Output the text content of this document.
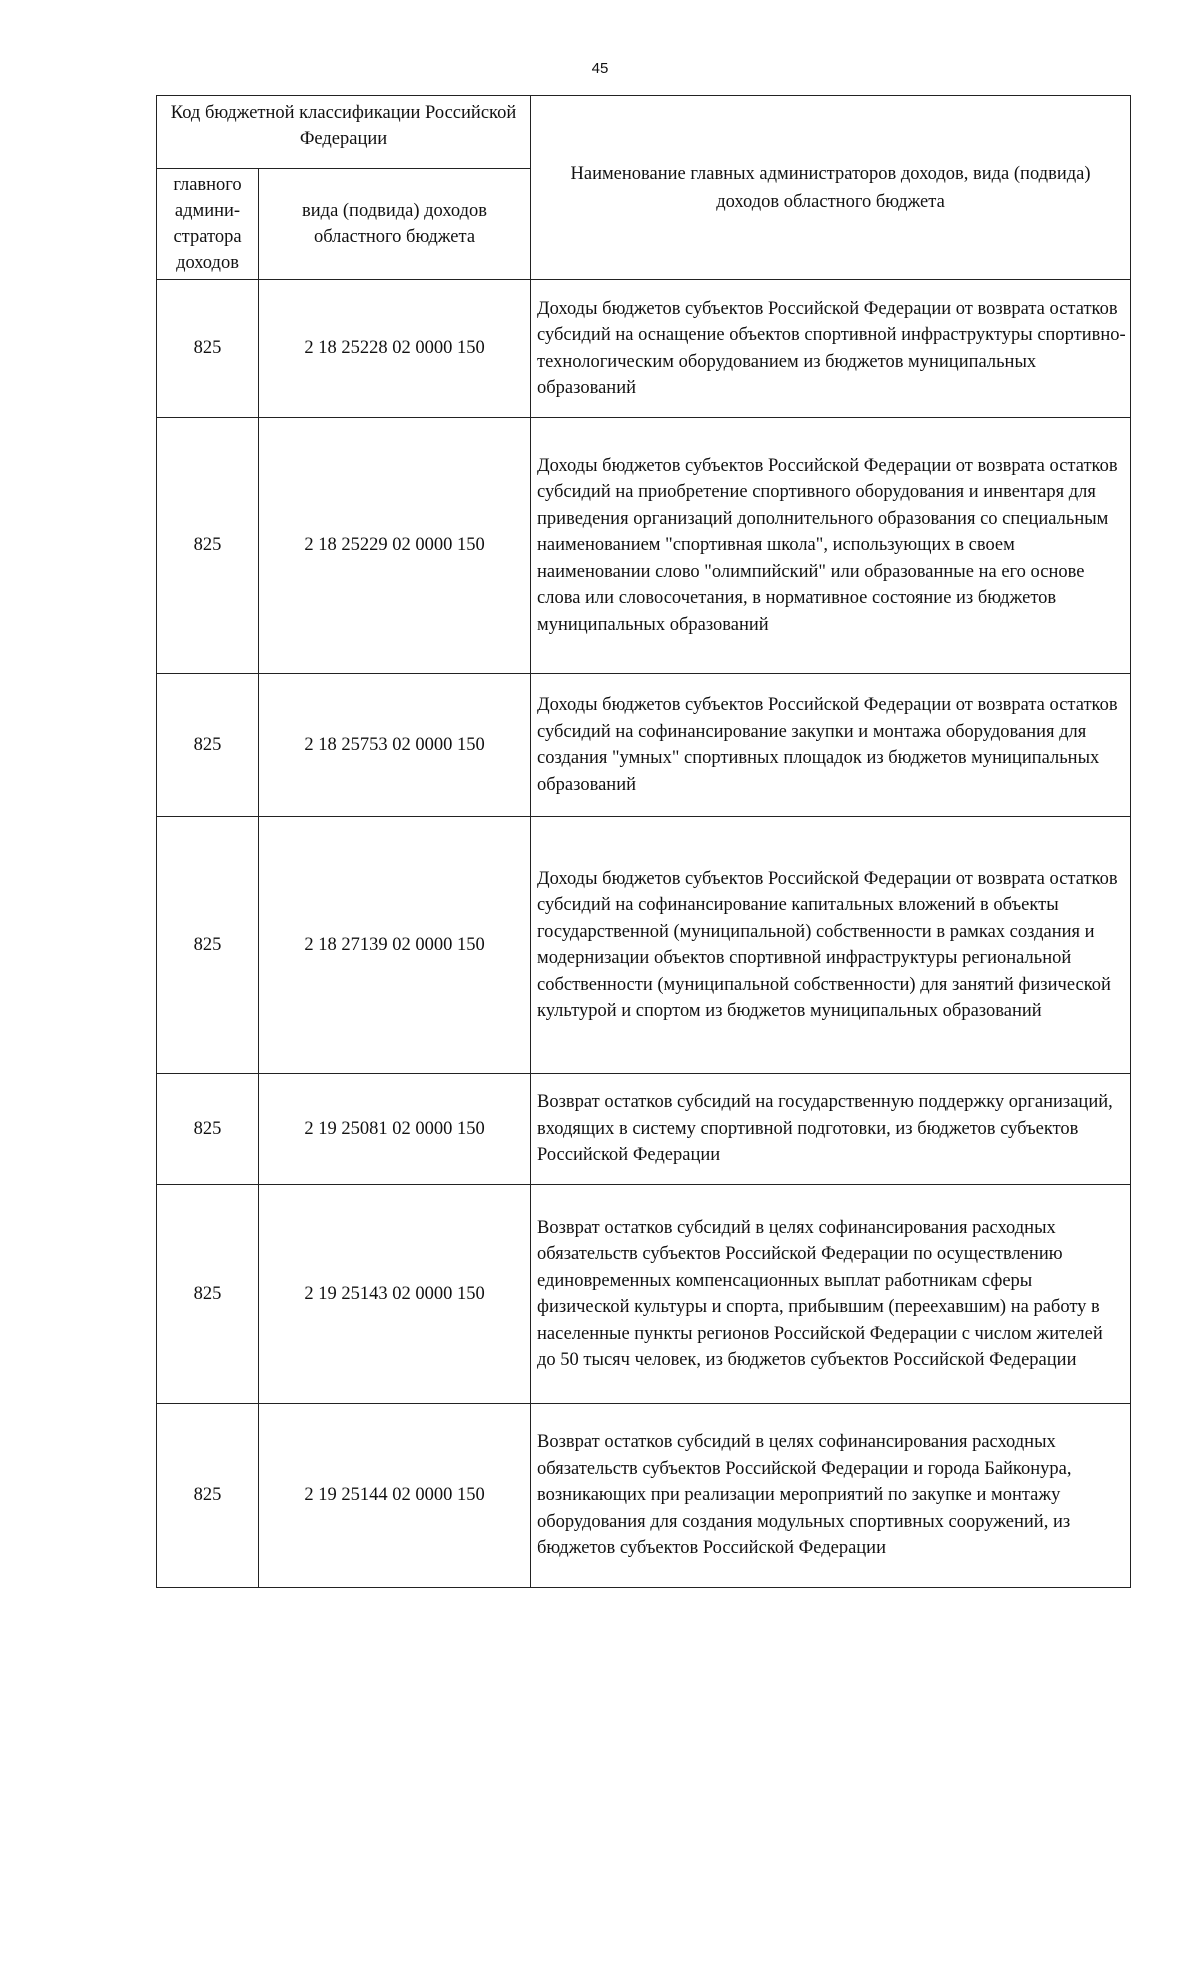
45
Код бюджетной классификации Российской Федерации		Наименование главных администраторов доходов, вида (подвида) доходов областного бюджета
главного админи-стратора доходов	вида (подвида) доходов областного бюджета	
825	2 18 25228 02 0000 150	Доходы бюджетов субъектов Российской Федерации от возврата остатков субсидий на оснащение объектов спортивной инфраструктуры спортивно-технологическим оборудованием из бюджетов муниципальных образований
825	2 18 25229 02 0000 150	Доходы бюджетов субъектов Российской Федерации от возврата остатков субсидий на приобретение спортивного оборудования и инвентаря для приведения организаций дополнительного образования со специальным наименованием "спортивная школа", использующих в своем наименовании слово "олимпийский" или образованные на его основе слова или словосочетания, в нормативное состояние из бюджетов муниципальных образований
825	2 18 25753 02 0000 150	Доходы бюджетов субъектов Российской Федерации от возврата остатков субсидий на софинансирование закупки и монтажа оборудования для создания "умных" спортивных площадок из бюджетов муниципальных образований
825	2 18 27139 02 0000 150	Доходы бюджетов субъектов Российской Федерации от возврата остатков субсидий на софинансирование капитальных вложений в объекты государственной (муниципальной) собственности в рамках создания и модернизации объектов спортивной инфраструктуры региональной собственности (муниципальной собственности) для занятий физической культурой и спортом из бюджетов муниципальных образований
825	2 19 25081 02 0000 150	Возврат остатков субсидий на государственную поддержку организаций, входящих в систему спортивной подготовки, из бюджетов субъектов Российской Федерации
825	2 19 25143 02 0000 150	Возврат остатков субсидий в целях софинансирования расходных обязательств субъектов Российской Федерации по осуществлению единовременных компенсационных выплат работникам сферы физической культуры и спорта, прибывшим (переехавшим) на работу в населенные пункты регионов Российской Федерации с числом жителей до 50 тысяч человек, из бюджетов субъектов Российской Федерации
825	2 19 25144 02 0000 150	Возврат остатков субсидий в целях софинансирования расходных обязательств субъектов Российской Федерации и города Байконура, возникающих при реализации мероприятий по закупке и монтажу оборудования для создания модульных спортивных сооружений, из бюджетов субъектов Российской Федерации
